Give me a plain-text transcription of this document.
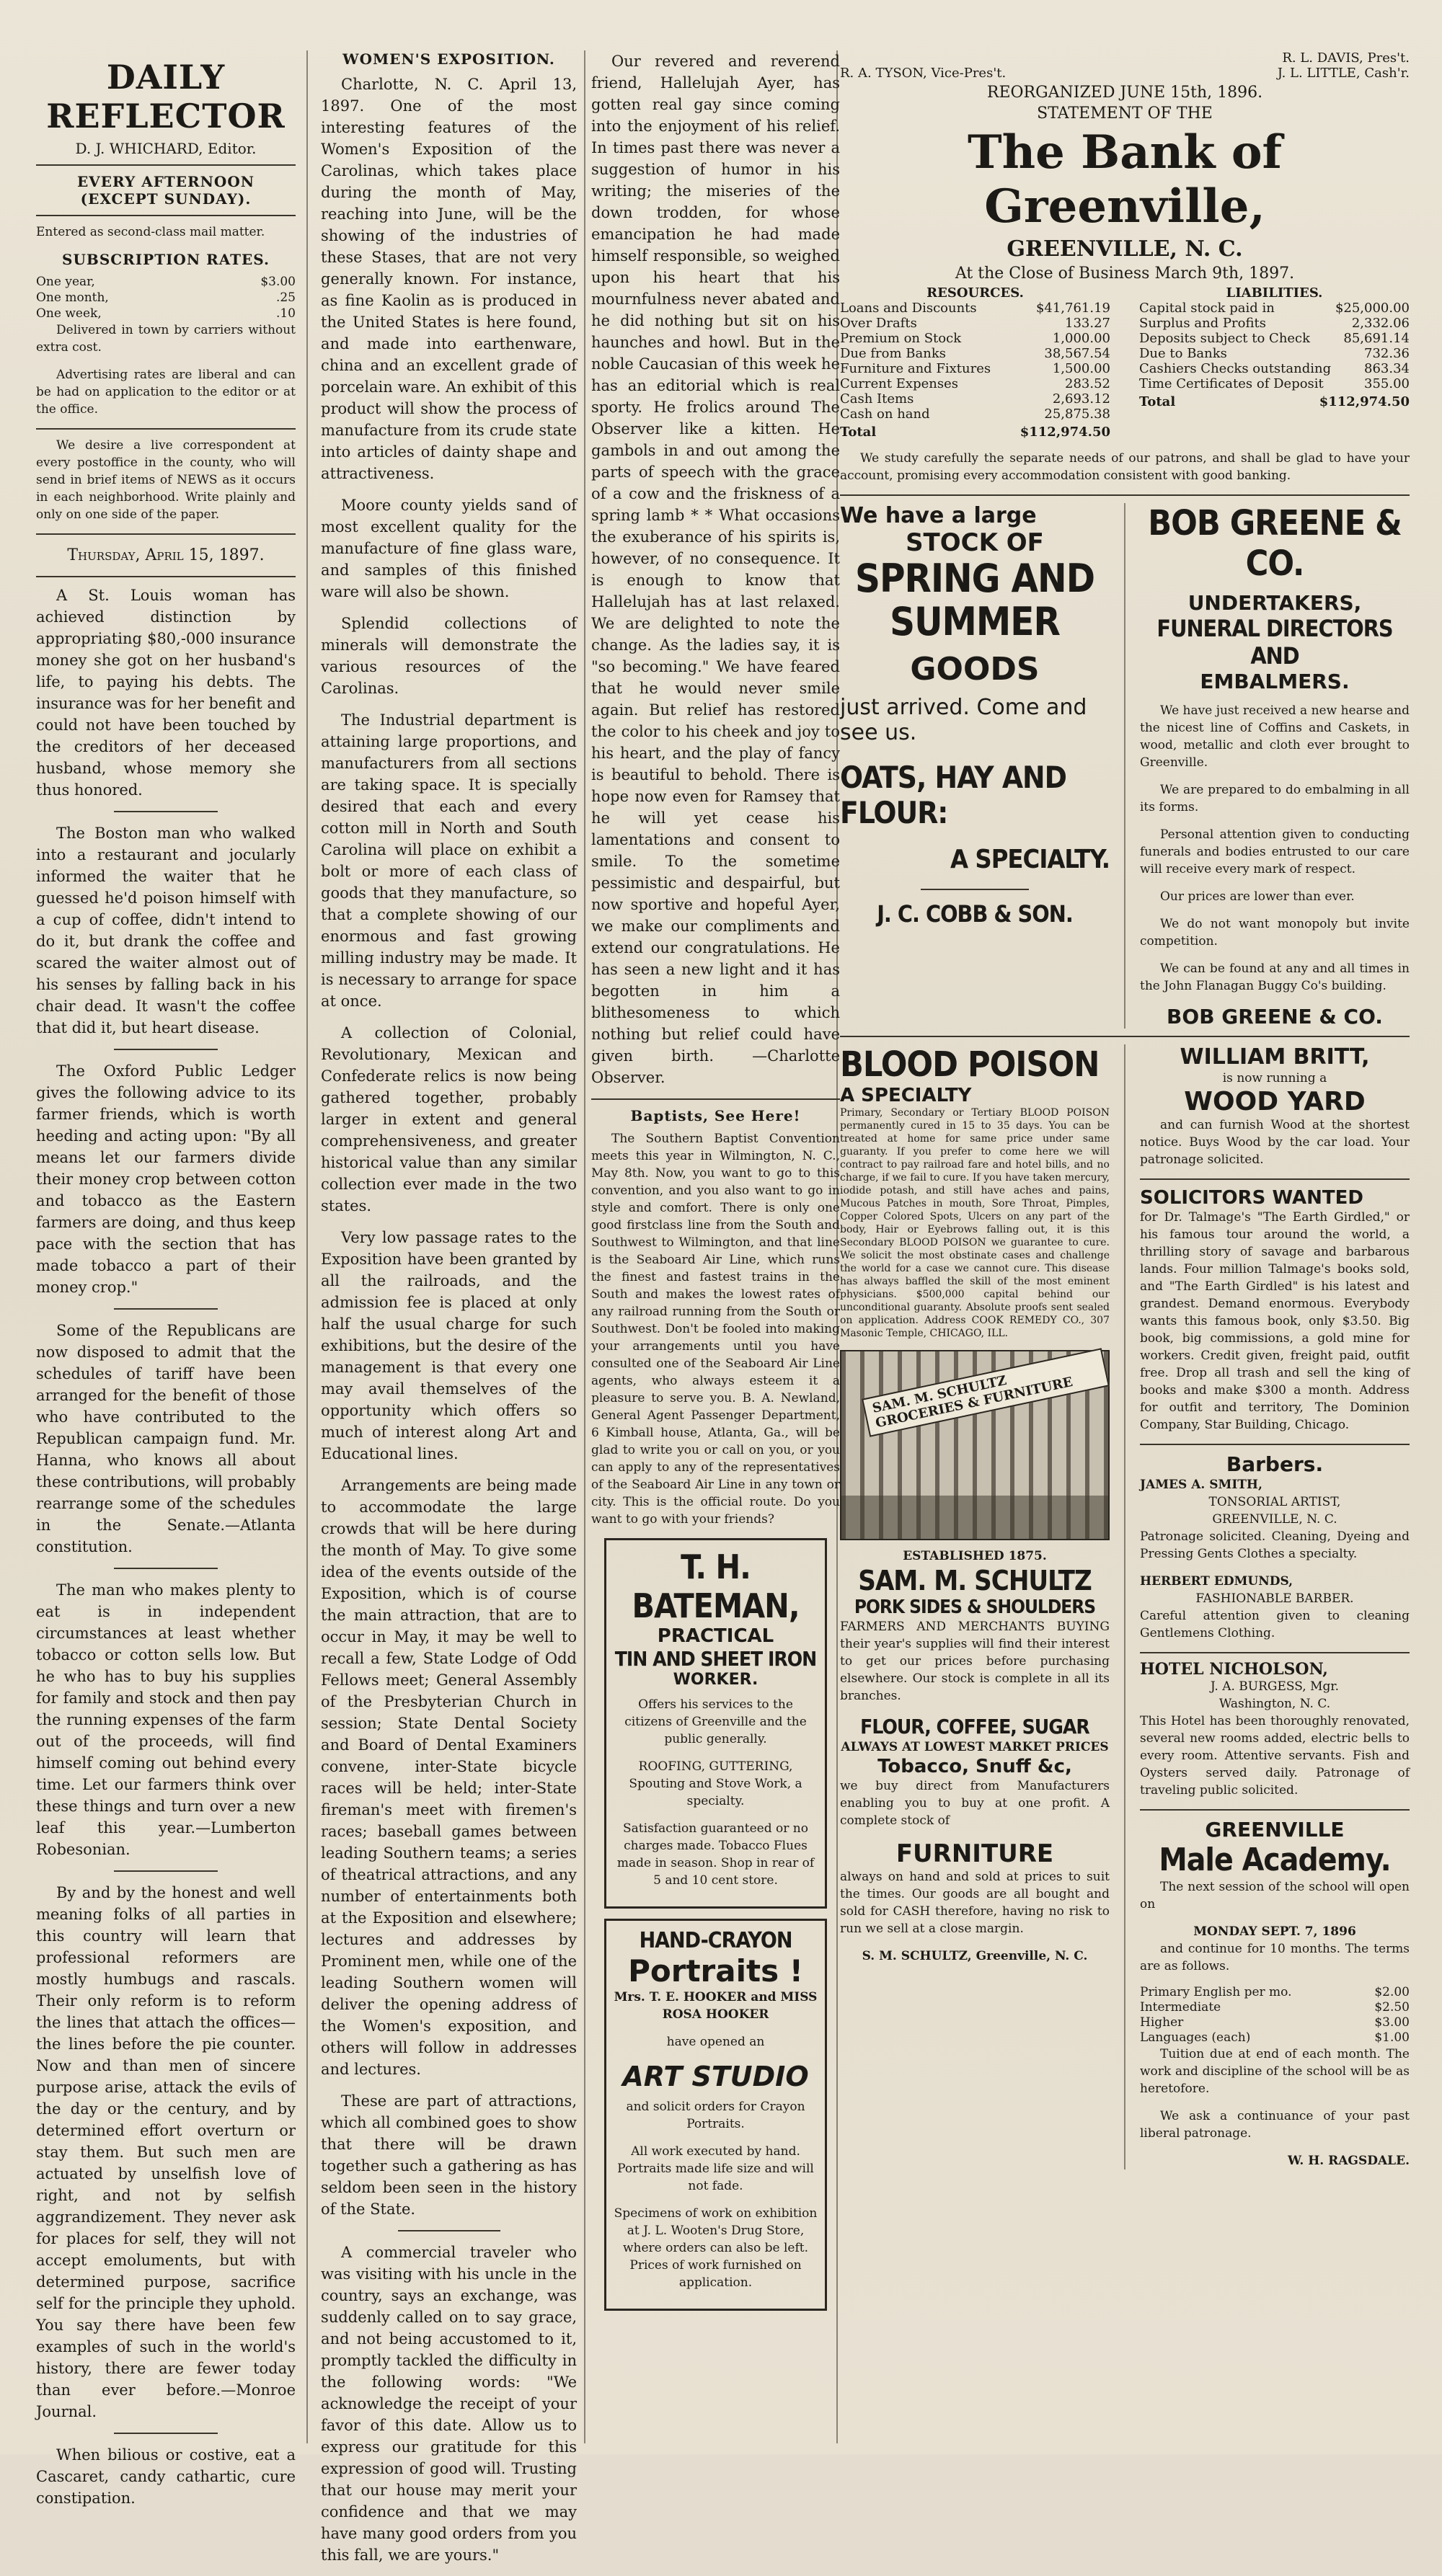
DAILY REFLECTOR
D. J. WHICHARD, Editor.
EVERY AFTERNOON (EXCEPT SUNDAY).

Entered as second-class mail matter.

SUBSCRIPTION RATES.
One year,	$3.00
One month,	.25
One week,	.10

Delivered in town by carriers without extra cost.

Advertising rates are liberal and can be had on application to the editor or at the office.

We desire a live correspondent at every postoffice in the county, who will send in brief items of NEWS as it occurs in each neighborhood. Write plainly and only on one side of the paper.

Thursday, April 15, 1897.

A St. Louis woman has achieved distinction by appropriating $80,-000 insurance money she got on her husband's life, to paying his debts. The insurance was for her benefit and could not have been touched by the creditors of her deceased husband, whose memory she thus honored.

The Boston man who walked into a restaurant and jocularly informed the waiter that he guessed he'd poison himself with a cup of coffee, didn't intend to do it, but drank the coffee and scared the waiter almost out of his senses by falling back in his chair dead. It wasn't the coffee that did it, but heart disease.

The Oxford Public Ledger gives the following advice to its farmer friends, which is worth heeding and acting upon: "By all means let our farmers divide their money crop between cotton and tobacco as the Eastern farmers are doing, and thus keep pace with the section that has made tobacco a part of their money crop."

Some of the Republicans are now disposed to admit that the schedules of tariff have been arranged for the benefit of those who have contributed to the Republican campaign fund. Mr. Hanna, who knows all about these contributions, will probably rearrange some of the schedules in the Senate.—Atlanta constitution.

The man who makes plenty to eat is in independent circumstances at least whether tobacco or cotton sells low. But he who has to buy his supplies for family and stock and then pay the running expenses of the farm out of the proceeds, will find himself coming out behind every time. Let our farmers think over these things and turn over a new leaf this year.—Lumberton Robesonian.

By and by the honest and well meaning folks of all parties in this country will learn that professional reformers are mostly humbugs and rascals. Their only reform is to reform the lines that attach the offices—the lines before the pie counter. Now and than men of sincere purpose arise, attack the evils of the day or the century, and by determined effort overturn or stay them. But such men are actuated by unselfish love of right, and not by selfish aggrandizement. They never ask for places for self, they will not accept emoluments, but with determined purpose, sacrifice self for the principle they uphold. You say there have been few examples of such in the world's history, there are fewer today than ever before.—Monroe Journal.

When bilious or costive, eat a Cascaret, candy cathartic, cure constipation.

WOMEN'S EXPOSITION.

Charlotte, N. C. April 13, 1897. One of the most interesting features of the Women's Exposition of the Carolinas, which takes place during the month of May, reaching into June, will be the showing of the industries of these Stases, that are not very generally known. For instance, as fine Kaolin as is produced in the United States is here found, and made into earthenware, china and an excellent grade of porcelain ware. An exhibit of this product will show the process of manufacture from its crude state into articles of dainty shape and attractiveness.

Moore county yields sand of most excellent quality for the manufacture of fine glass ware, and samples of this finished ware will also be shown.

Splendid collections of minerals will demonstrate the various resources of the Carolinas.

The Industrial department is attaining large proportions, and manufacturers from all sections are taking space. It is specially desired that each and every cotton mill in North and South Carolina will place on exhibit a bolt or more of each class of goods that they manufacture, so that a complete showing of our enormous and fast growing milling industry may be made. It is necessary to arrange for space at once.

A collection of Colonial, Revolutionary, Mexican and Confederate relics is now being gathered together, probably larger in extent and general comprehensiveness, and greater historical value than any similar collection ever made in the two states.

Very low passage rates to the Exposition have been granted by all the railroads, and the admission fee is placed at only half the usual charge for such exhibitions, but the desire of the management is that every one may avail themselves of the opportunity which offers so much of interest along Art and Educational lines.

Arrangements are being made to accommodate the large crowds that will be here during the month of May. To give some idea of the events outside of the Exposition, which is of course the main attraction, that are to occur in May, it may be well to recall a few, State Lodge of Odd Fellows meet; General Assembly of the Presbyterian Church in session; State Dental Society and Board of Dental Examiners convene, inter-State bicycle races will be held; inter-State fireman's meet with firemen's races; baseball games between leading Southern teams; a series of theatrical attractions, and any number of entertainments both at the Exposition and elsewhere; lectures and addresses by Prominent men, while one of the leading Southern women will deliver the opening address of the Women's exposition, and others will follow in addresses and lectures.

These are part of attractions, which all combined goes to show that there will be drawn together such a gathering as has seldom been seen in the history of the State.

A commercial traveler who was visiting with his uncle in the country, says an exchange, was suddenly called on to say grace, and not being accustomed to it, promptly tackled the difficulty in the following words: "We acknowledge the receipt of your favor of this date. Allow us to express our gratitude for this expression of good will. Trusting that our house may merit your confidence and that we may have many good orders from you this fall, we are yours."

Our revered and reverend friend, Hallelujah Ayer, has gotten real gay since coming into the enjoyment of his relief. In times past there was never a suggestion of humor in his writing; the miseries of the down trodden, for whose emancipation he had made himself responsible, so weighed upon his heart that his mournfulness never abated and he did nothing but sit on his haunches and howl. But in the noble Caucasian of this week he has an editorial which is real sporty. He frolics around The Observer like a kitten. He gambols in and out among the parts of speech with the grace of a cow and the friskness of a spring lamb * * What occasions the exuberance of his spirits is, however, of no consequence. It is enough to know that Hallelujah has at last relaxed. We are delighted to note the change. As the ladies say, it is "so becoming." We have feared that he would never smile again. But relief has restored the color to his cheek and joy to his heart, and the play of fancy is beautiful to behold. There is hope now even for Ramsey that he will yet cease his lamentations and consent to smile. To the sometime pessimistic and despairful, but now sportive and hopeful Ayer, we make our compliments and extend our congratulations. He has seen a new light and it has begotten in him a blithesomeness to which nothing but relief could have given birth. —Charlotte Observer.

Baptists, See Here!

The Southern Baptist Convention meets this year in Wilmington, N. C., May 8th. Now, you want to go to this convention, and you also want to go in style and comfort. There is only one good firstclass line from the South and Southwest to Wilmington, and that line is the Seaboard Air Line, which runs the finest and fastest trains in the South and makes the lowest rates of any railroad running from the South or Southwest. Don't be fooled into making your arrangements until you have consulted one of the Seaboard Air Line agents, who always esteem it a pleasure to serve you. B. A. Newland, General Agent Passenger Department, 6 Kimball house, Atlanta, Ga., will be glad to write you or call on you, or you can apply to any of the representatives of the Seaboard Air Line in any town or city. This is the official route. Do you want to go with your friends?

T. H. BATEMAN,
PRACTICAL
TIN AND SHEET IRON
WORKER.

Offers his services to the citizens of Greenville and the public generally.

ROOFING, GUTTERING, Spouting and Stove Work, a specialty.

Satisfaction guaranteed or no charges made. Tobacco Flues made in season. Shop in rear of 5 and 10 cent store.

HAND-CRAYON
Portraits !

Mrs. T. E. HOOKER and MISS ROSA HOOKER

have opened an

ART STUDIO

and solicit orders for Crayon Portraits.

All work executed by hand. Portraits made life size and will not fade.

Specimens of work on exhibition at J. L. Wooten's Drug Store, where orders can also be left. Prices of work furnished on application.

R. L. DAVIS, Pres't.
R. A. TYSON, Vice-Pres't.	J. L. LITTLE, Cash'r.
REORGANIZED JUNE 15th, 1896.
STATEMENT OF THE
The Bank of Greenville,
GREENVILLE, N. C.
At the Close of Business March 9th, 1897.
RESOURCES.
Loans and Discounts	$41,761.19
Over Drafts	133.27
Premium on Stock	1,000.00
Due from Banks	38,567.54
Furniture and Fixtures	1,500.00
Current Expenses	283.52
Cash Items	2,693.12
Cash on hand	25,875.38
Total	$112,974.50
LIABILITIES.
Capital stock paid in	$25,000.00
Surplus and Profits	2,332.06
Deposits subject to Check	85,691.14
Due to Banks	732.36
Cashiers Checks outstanding	863.34
Time Certificates of Deposit	355.00
Total	$112,974.50

We study carefully the separate needs of our patrons, and shall be glad to have your account, promising every accommodation consistent with good banking.

We have a large
STOCK OF
SPRING AND SUMMER
GOODS
just arrived. Come and see us.
OATS, HAY AND FLOUR:
A SPECIALTY.
J. C. COBB & SON.
BOB GREENE & CO.
UNDERTAKERS,
FUNERAL DIRECTORS AND
EMBALMERS.

We have just received a new hearse and the nicest line of Coffins and Caskets, in wood, metallic and cloth ever brought to Greenville.

We are prepared to do embalming in all its forms.

Personal attention given to conducting funerals and bodies entrusted to our care will receive every mark of respect.

Our prices are lower than ever.

We do not want monopoly but invite competition.

We can be found at any and all times in the John Flanagan Buggy Co's building.

BOB GREENE & CO.
BLOOD POISON
A SPECIALTY

Primary, Secondary or Tertiary BLOOD POISON permanently cured in 15 to 35 days. You can be treated at home for same price under same guaranty. If you prefer to come here we will contract to pay railroad fare and hotel bills, and no charge, if we fail to cure. If you have taken mercury, iodide potash, and still have aches and pains, Mucous Patches in mouth, Sore Throat, Pimples, Copper Colored Spots, Ulcers on any part of the body, Hair or Eyebrows falling out, it is this Secondary BLOOD POISON we guarantee to cure. We solicit the most obstinate cases and challenge the world for a case we cannot cure. This disease has always baffled the skill of the most eminent physicians. $500,000 capital behind our unconditional guaranty. Absolute proofs sent sealed on application. Address COOK REMEDY CO., 307 Masonic Temple, CHICAGO, ILL.

SAM. M. SCHULTZ GROCERIES & FURNITURE
ESTABLISHED 1875.
SAM. M. SCHULTZ
PORK SIDES & SHOULDERS

FARMERS AND MERCHANTS BUYING their year's supplies will find their interest to get our prices before purchasing elsewhere. Our stock is complete in all its branches.

FLOUR, COFFEE, SUGAR
ALWAYS AT LOWEST MARKET PRICES
Tobacco, Snuff &c,

we buy direct from Manufacturers enabling you to buy at one profit. A complete stock of

FURNITURE

always on hand and sold at prices to suit the times. Our goods are all bought and sold for CASH therefore, having no risk to run we sell at a close margin.

S. M. SCHULTZ, Greenville, N. C.
WILLIAM BRITT,
is now running a
WOOD YARD

and can furnish Wood at the shortest notice. Buys Wood by the car load. Your patronage solicited.

SOLICITORS WANTED

for Dr. Talmage's "The Earth Girdled," or his famous tour around the world, a thrilling story of savage and barbarous lands. Four million Talmage's books sold, and "The Earth Girdled" is his latest and grandest. Demand enormous. Everybody wants this famous book, only $3.50. Big book, big commissions, a gold mine for workers. Credit given, freight paid, outfit free. Drop all trash and sell the king of books and make $300 a month. Address for outfit and territory, The Dominion Company, Star Building, Chicago.

Barbers.
JAMES A. SMITH,
TONSORIAL ARTIST,
GREENVILLE, N. C.

Patronage solicited. Cleaning, Dyeing and Pressing Gents Clothes a specialty.

HERBERT EDMUNDS,
FASHIONABLE BARBER.

Careful attention given to cleaning Gentlemens Clothing.

HOTEL NICHOLSON,
J. A. BURGESS, Mgr.
Washington, N. C.

This Hotel has been thoroughly renovated, several new rooms added, electric bells to every room. Attentive servants. Fish and Oysters served daily. Patronage of traveling public solicited.

GREENVILLE
Male Academy.

The next session of the school will open on

MONDAY SEPT. 7, 1896

and continue for 10 months. The terms are as follows.

Primary English per mo.	$2.00
Intermediate	$2.50
Higher	$3.00
Languages (each)	$1.00

Tuition due at end of each month. The work and discipline of the school will be as heretofore.

We ask a continuance of your past liberal patronage.

W. H. RAGSDALE.
